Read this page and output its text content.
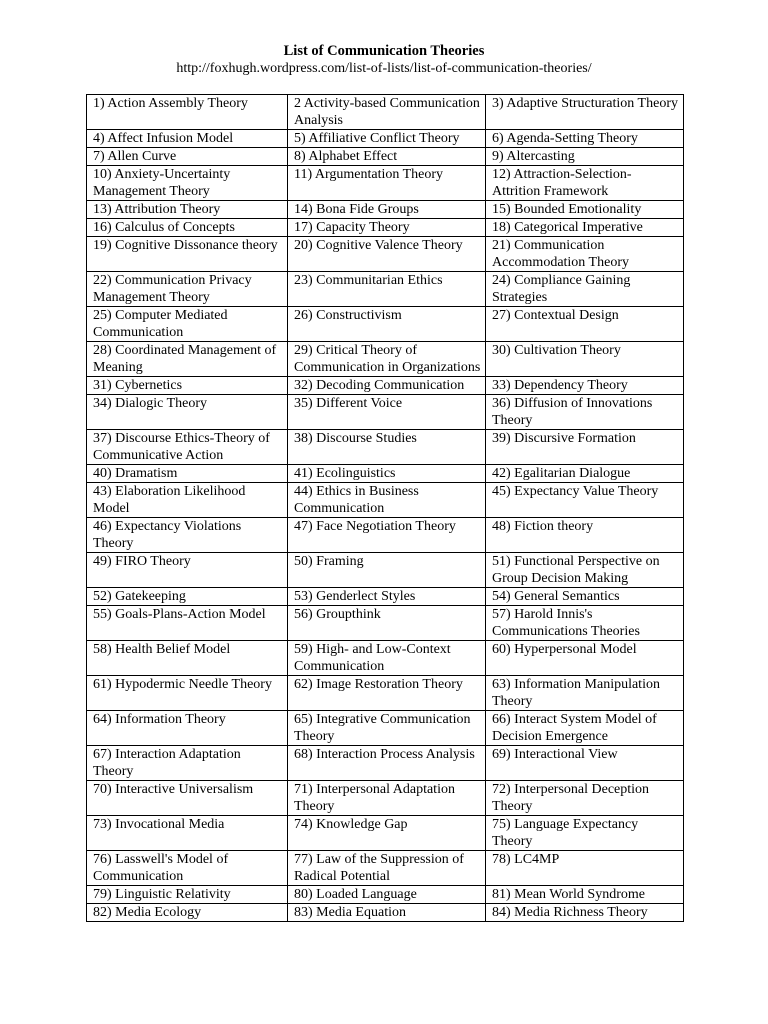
List of Communication Theories
http://foxhugh.wordpress.com/list-of-lists/list-of-communication-theories/
1) Action Assembly Theory	2 Activity-based Communication Analysis	3) Adaptive Structuration Theory
4) Affect Infusion Model	5) Affiliative Conflict Theory	6) Agenda-Setting Theory
7) Allen Curve	8) Alphabet Effect	9) Altercasting
10) Anxiety-Uncertainty Management Theory	11) Argumentation Theory	12) Attraction-Selection-Attrition Framework
13) Attribution Theory	14) Bona Fide Groups	15) Bounded Emotionality
16) Calculus of Concepts	17) Capacity Theory	18) Categorical Imperative
19) Cognitive Dissonance theory	20) Cognitive Valence Theory	21) Communication Accommodation Theory
22) Communication Privacy Management Theory	23) Communitarian Ethics	24) Compliance Gaining Strategies
25) Computer Mediated Communication	26) Constructivism	27) Contextual Design
28) Coordinated Management of Meaning	29) Critical Theory of Communication in Organizations	30) Cultivation Theory
31) Cybernetics	32) Decoding Communication	33) Dependency Theory
34) Dialogic Theory	35) Different Voice	36) Diffusion of Innovations Theory
37) Discourse Ethics-Theory of Communicative Action	38) Discourse Studies	39) Discursive Formation
40) Dramatism	41) Ecolinguistics	42) Egalitarian Dialogue
43) Elaboration Likelihood Model	44) Ethics in Business Communication	45) Expectancy Value Theory
46) Expectancy Violations Theory	47) Face Negotiation Theory	48) Fiction theory
49) FIRO Theory	50) Framing	51) Functional Perspective on Group Decision Making
52) Gatekeeping	53) Genderlect Styles	54) General Semantics
55) Goals-Plans-Action Model	56) Groupthink	57) Harold Innis's Communications Theories
58) Health Belief Model	59) High- and Low-Context Communication	60) Hyperpersonal Model
61) Hypodermic Needle Theory	62) Image Restoration Theory	63) Information Manipulation Theory
64) Information Theory	65) Integrative Communication Theory	66) Interact System Model of Decision Emergence
67) Interaction Adaptation Theory	68) Interaction Process Analysis	69) Interactional View
70) Interactive Universalism	71) Interpersonal Adaptation Theory	72) Interpersonal Deception Theory
73) Invocational Media	74) Knowledge Gap	75) Language Expectancy Theory
76) Lasswell's Model of Communication	77) Law of the Suppression of Radical Potential	78) LC4MP
79) Linguistic Relativity	80) Loaded Language	81) Mean World Syndrome
82) Media Ecology	83) Media Equation	84) Media Richness Theory
